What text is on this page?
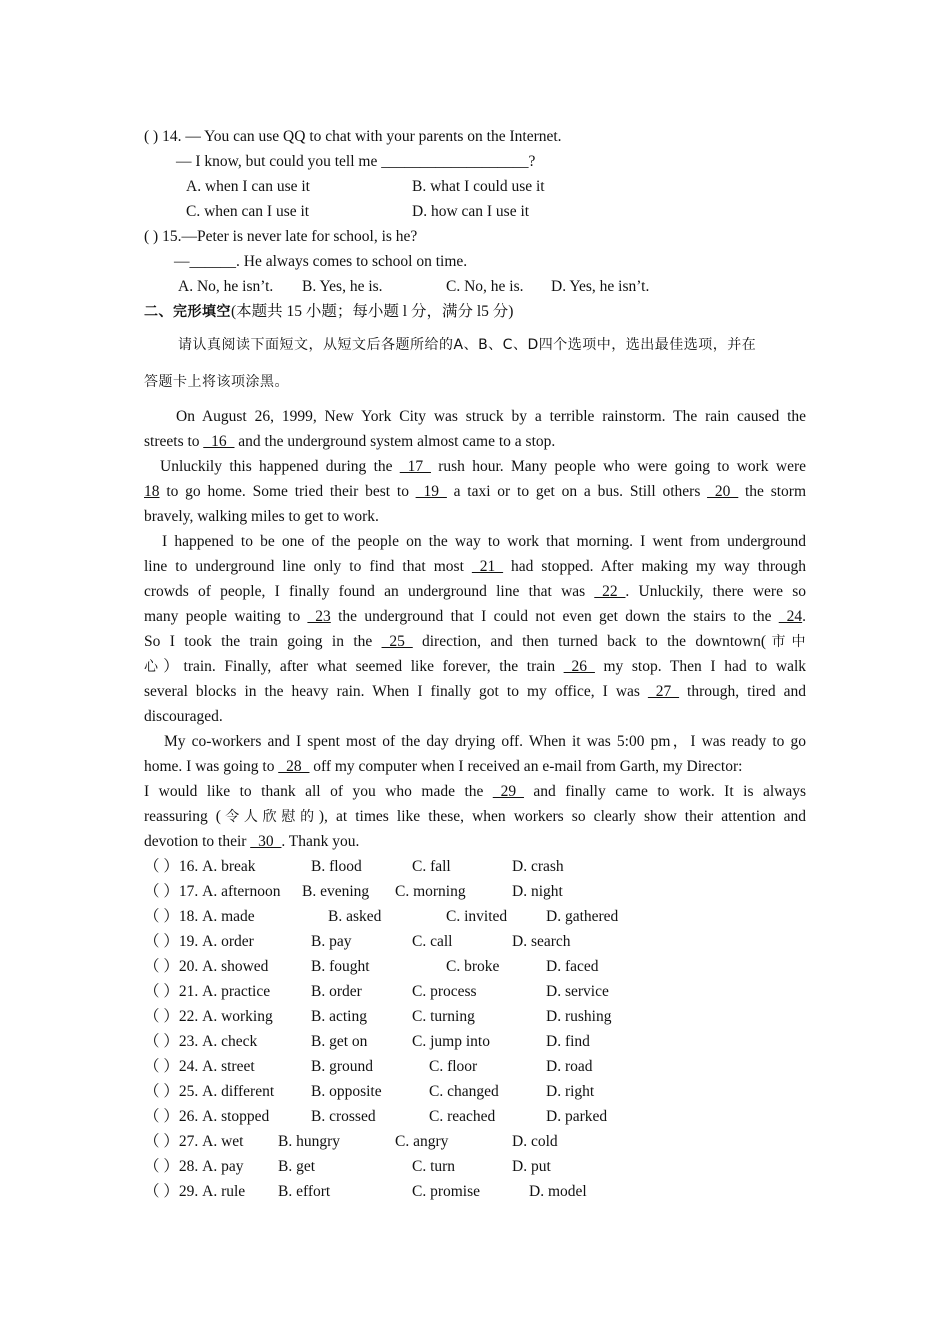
( ) 14. — You can use QQ to chat with your parents on the Internet.
— I know, but could you tell me ___________________?
A. when I can use it	B. what I could use it
C. when can I use it	D. how can I use it
( ) 15.—Peter is never late for school, is he?
—______. He always comes to school on time.
A. No, he isn’t. B. Yes, he is.	C. No, he is. D. Yes, he isn’t.
二、完形填空(本题共 15 小题；每小题 l 分，满分 l5 分)
请认真阅读下面短文，从短文后各题所给的A、B、C、D四个选项中，选出最佳选项，并在
答题卡上将该项涂黑。
On August 26, 1999, New York City was struck by a terrible rainstorm. The rain caused the
streets to _16_ and the underground system almost came to a stop.
Unluckily this happened during the _17_ rush hour. Many people who were going to work were
18 to go home. Some tried their best to _19_ a taxi or to get on a bus. Still others _20_ the storm
bravely, walking miles to get to work.
I happened to be one of the people on the way to work that morning. I went from underground
line to underground line only to find that most _21_ had stopped. After making my way through
crowds of people, I finally found an underground line that was _22_. Unluckily, there were so
many people waiting to _23 the underground that I could not even get down the stairs to the _24.
So I took the train going in the _25_ direction, and then turned back to the downtown(市中
心）train. Finally, after what seemed like forever, the train _26_ my stop. Then I had to walk
several blocks in the heavy rain. When I finally got to my office, I was _27_ through, tired and
discouraged.
My co-workers and I spent most of the day drying off. When it was 5:00 pm，I was ready to go
home. I was going to _28_ off my computer when I received an e-mail from Garth, my Director:
I would like to thank all of you who made the _29_ and finally came to work. It is always
reassuring (令人欣慰的), at times like these, when workers so clearly show their attention and
devotion to their _30_. Thank you.
（ ）16. A. break	B. flood	C. fall	D. crash
（ ）17. A. afternoon B. evening C. morning	D. night
（ ）18. A. made	B. asked	C. invited	D. gathered
（ ）19. A. order	B. pay	C. call	D. search
（ ）20. A. showed	B. fought	C. broke	D. faced
（ ）21. A. practice	B. order	C. process	D. service
（ ）22. A. working B. acting	C. turning	D. rushing
（ ）23. A. check	B. get on	C. jump into	D. find
（ ）24. A. street	B. ground	C. floor	D. road
（ ）25. A. different B. opposite	C. changed	D. right
（ ）26. A. stopped	B. crossed	C. reached	D. parked
（ ）27. A. wet B. hungry	C. angry	D. cold
（ ）28. A. pay B. get	C. turn	D. put
（ ）29. A. rule B. effort	C. promise	D. model
